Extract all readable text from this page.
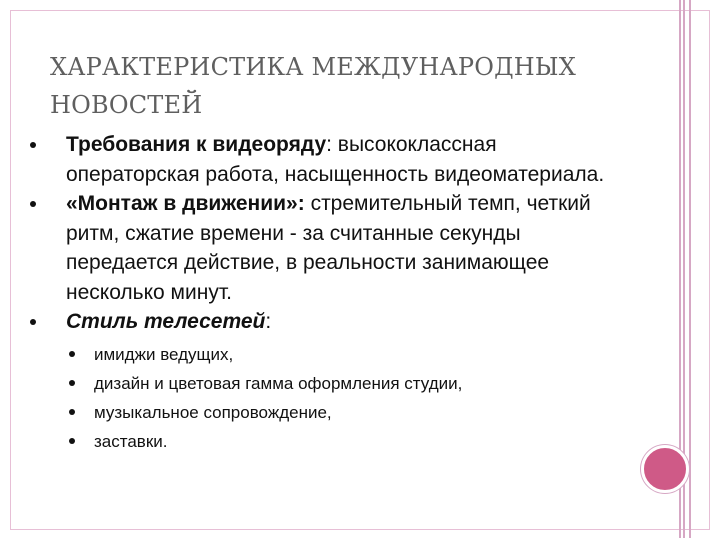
ХАРАКТЕРИСТИКА МЕЖДУНАРОДНЫХ
НОВОСТЕЙ
Требования к видеоряду: высококлассная операторская работа, насыщенность видеоматериала.
«Монтаж в движении»: стремительный темп, четкий ритм, сжатие времени - за считанные секунды передается действие, в реальности занимающее несколько минут.
Стиль телесетей:
имиджи ведущих,
дизайн и цветовая гамма оформления студии,
музыкальное сопровождение,
заставки.
